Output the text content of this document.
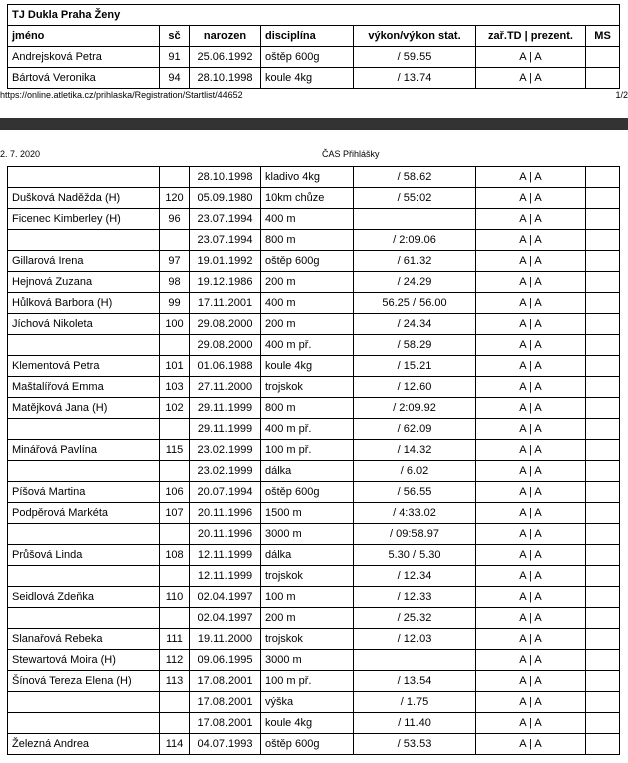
TJ Dukla Praha Ženy						
jméno	sč	narozen	disciplína	výkon/výkon stat.	zař.TD | prezent.	MS
Andrejsková Petra	91	25.06.1992	oštěp 600g	/ 59.55	A | A	
Bártová Veronika	94	28.10.1998	koule 4kg	/ 13.74	A | A	
https://online.atletika.cz/prihlaska/Registration/Startlist/44652	1/2
2. 7. 2020	ČAS Přihlášky
		28.10.1998	kladivo 4kg	/ 58.62	A | A	
Dušková Naděžda (H)	120	05.09.1980	10km chůze	/ 55:02	A | A	
Ficenec Kimberley (H)	96	23.07.1994	400 m		A | A	
		23.07.1994	800 m	/ 2:09.06	A | A	
Gillarová Irena	97	19.01.1992	oštěp 600g	/ 61.32	A | A	
Hejnová Zuzana	98	19.12.1986	200 m	/ 24.29	A | A	
Hůlková Barbora (H)	99	17.11.2001	400 m	56.25 / 56.00	A | A	
Jíchová Nikoleta	100	29.08.2000	200 m	/ 24.34	A | A	
		29.08.2000	400 m př.	/ 58.29	A | A	
Klementová Petra	101	01.06.1988	koule 4kg	/ 15.21	A | A	
Maštalířová Emma	103	27.11.2000	trojskok	/ 12.60	A | A	
Matějková Jana (H)	102	29.11.1999	800 m	/ 2:09.92	A | A	
		29.11.1999	400 m př.	/ 62.09	A | A	
Minářová Pavlína	115	23.02.1999	100 m př.	/ 14.32	A | A	
		23.02.1999	dálka	/ 6.02	A | A	
Píšová Martina	106	20.07.1994	oštěp 600g	/ 56.55	A | A	
Podpěrová Markéta	107	20.11.1996	1500 m	/ 4:33.02	A | A	
		20.11.1996	3000 m	/ 09:58.97	A | A	
Průšová Linda	108	12.11.1999	dálka	5.30 / 5.30	A | A	
		12.11.1999	trojskok	/ 12.34	A | A	
Seidlová Zdeňka	110	02.04.1997	100 m	/ 12.33	A | A	
		02.04.1997	200 m	/ 25.32	A | A	
Slanařová Rebeka	111	19.11.2000	trojskok	/ 12.03	A | A	
Stewartová Moira (H)	112	09.06.1995	3000 m		A | A	
Šínová Tereza Elena (H)	113	17.08.2001	100 m př.	/ 13.54	A | A	
		17.08.2001	výška	/ 1.75	A | A	
		17.08.2001	koule 4kg	/ 11.40	A | A	
Železná Andrea	114	04.07.1993	oštěp 600g	/ 53.53	A | A	
